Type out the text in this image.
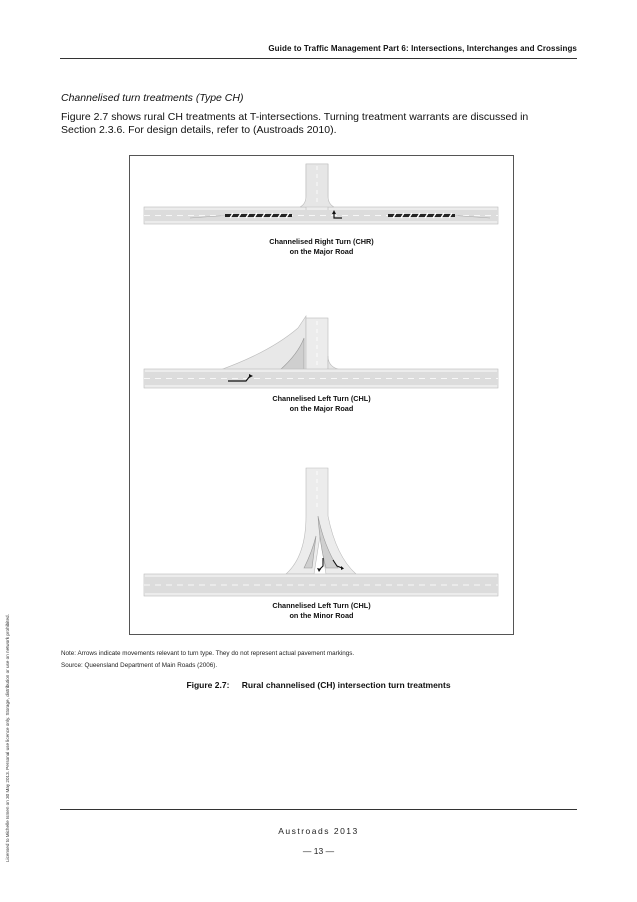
Guide to Traffic Management Part 6: Intersections, Interchanges and Crossings
Channelised turn treatments (Type CH)
Figure 2.7 shows rural CH treatments at T-intersections. Turning treatment warrants are discussed in Section 2.3.6. For design details, refer to (Austroads 2010).
Channelised Right Turn (CHR)
on the Major Road
Channelised Left Turn (CHL)
on the Major Road
Channelised Left Turn (CHL)
on the Minor Road
Note: Arrows indicate movements relevant to turn type. They do not represent actual pavement markings.
Source: Queensland Department of Main Roads (2006).
Figure 2.7: Rural channelised (CH) intersection turn treatments
Licensed to Michelle Ismen on 30 May 2013. Personal use licence only. Storage, distribution or use on network prohibited.	Austroads 2013
— 13 —
